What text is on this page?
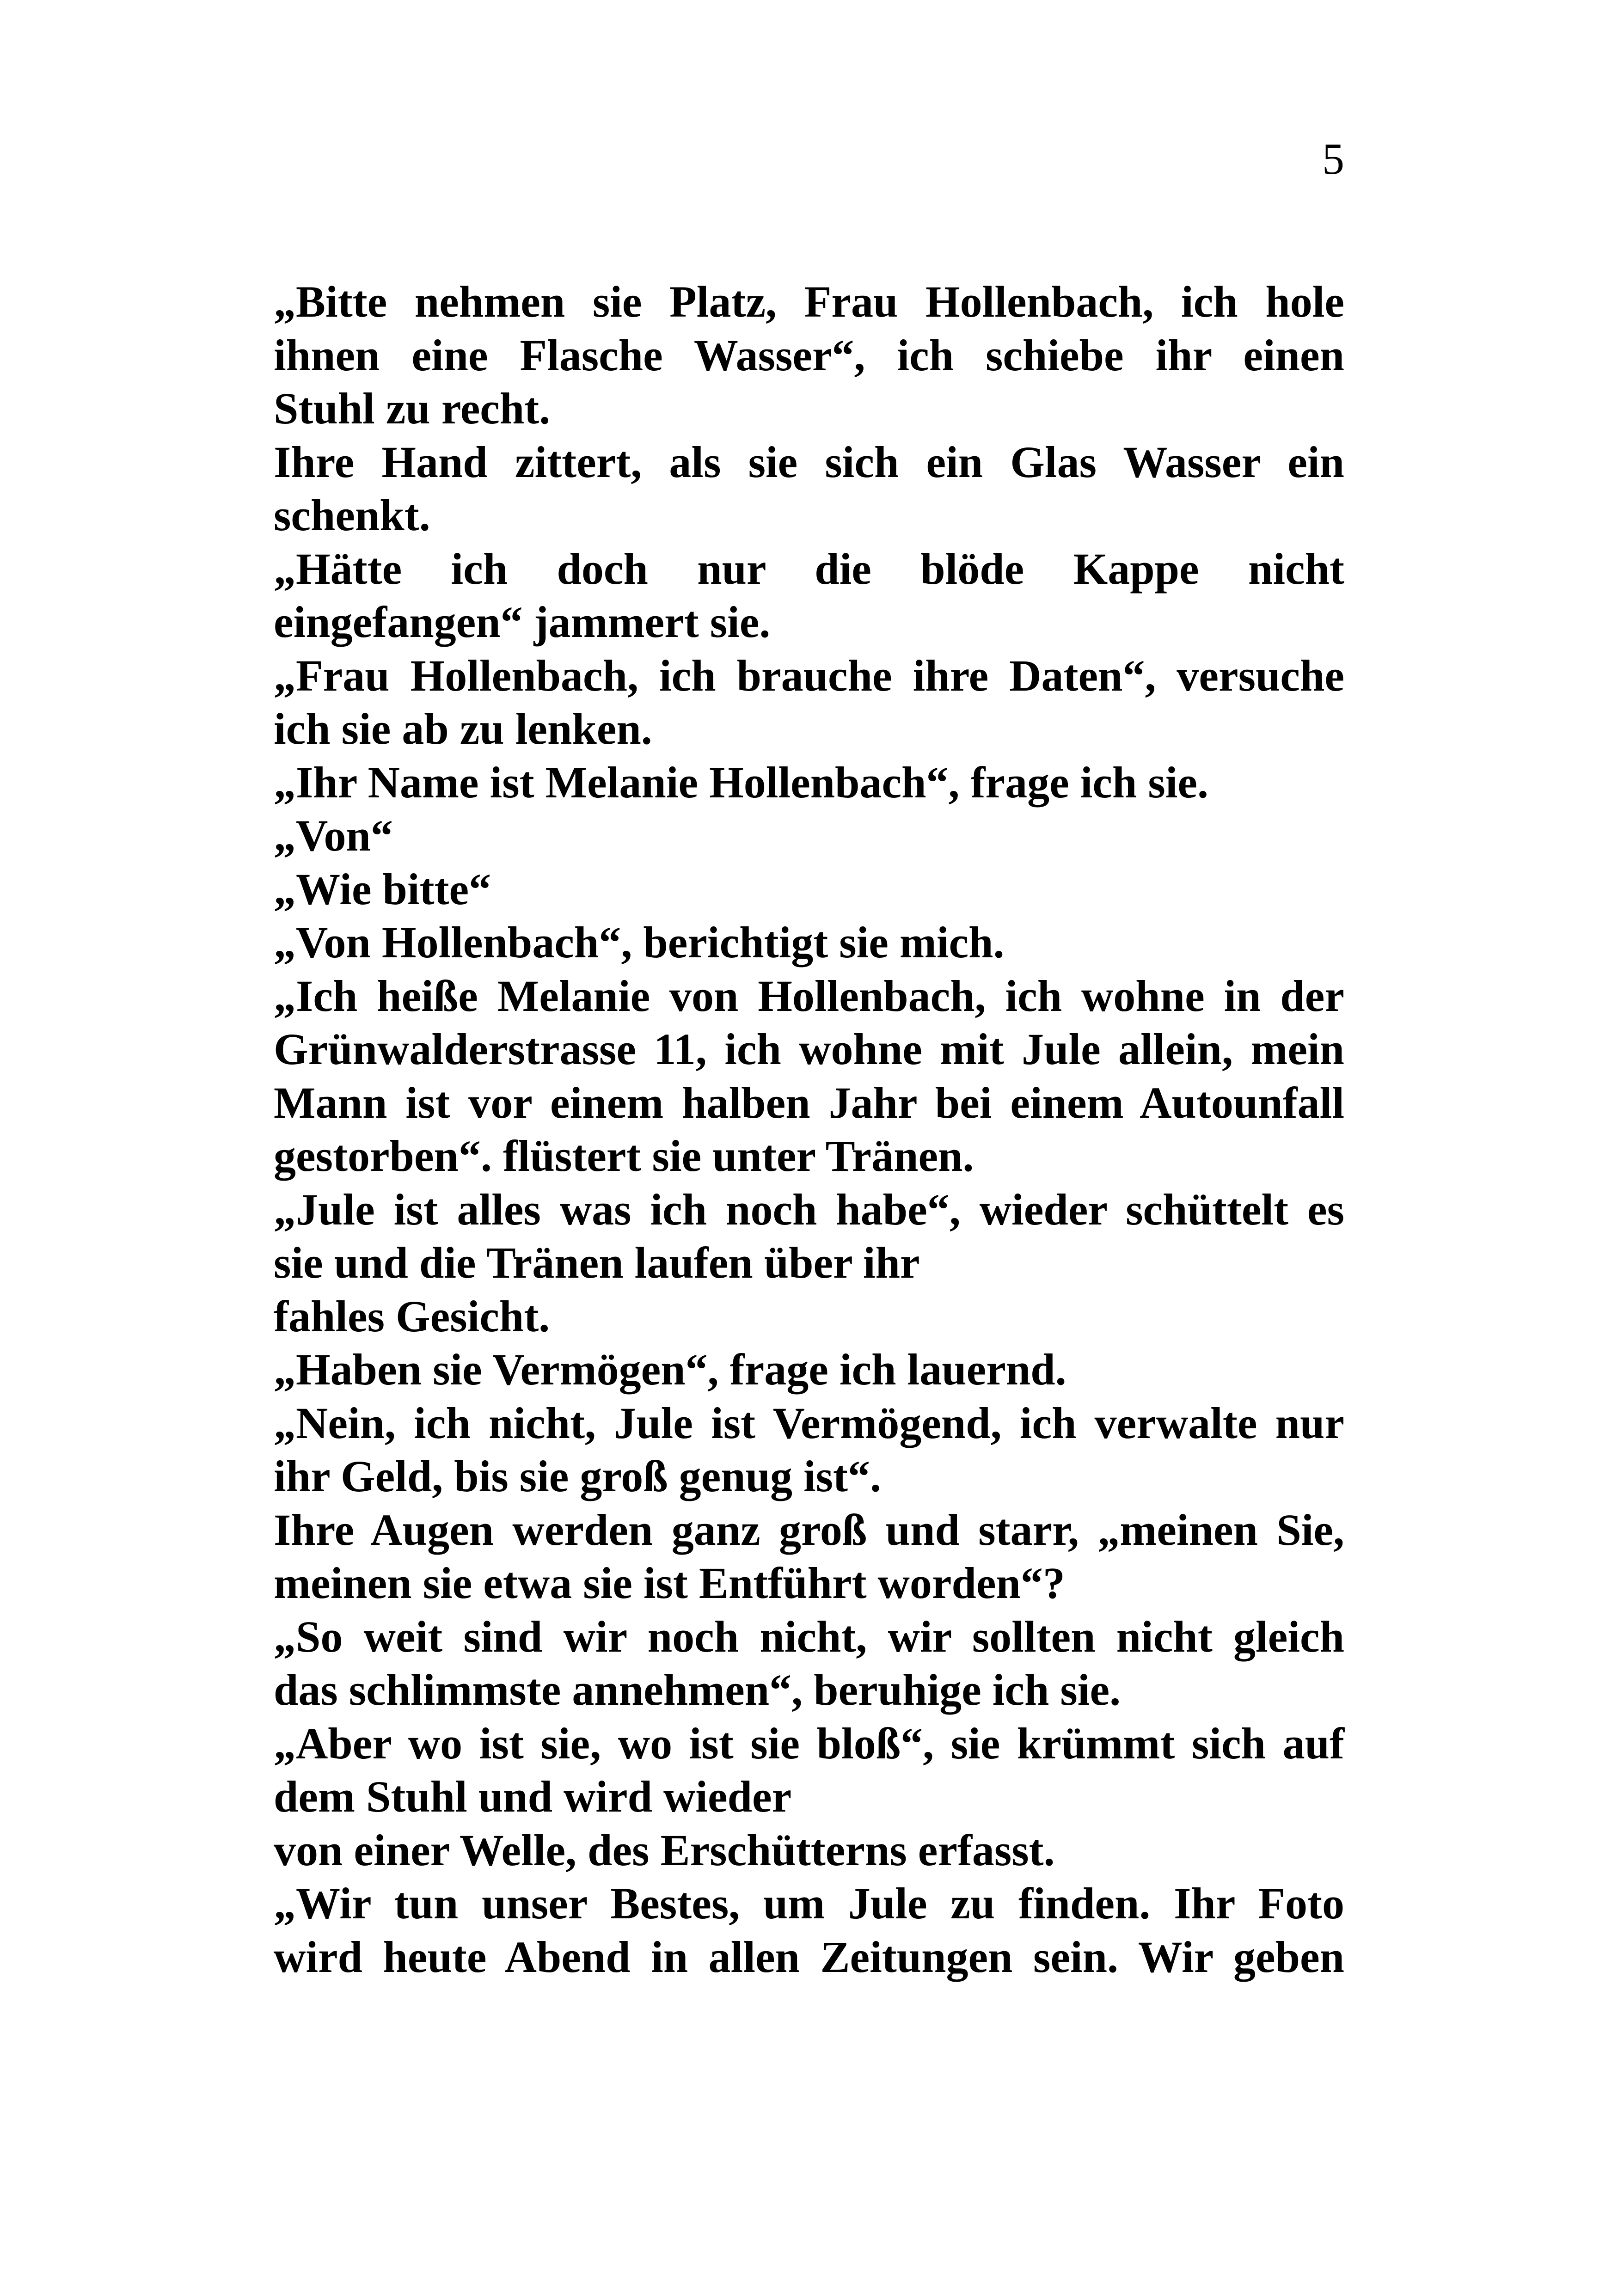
5
„Bitte nehmen sie Platz, Frau Hollenbach, ich hole
ihnen eine Flasche Wasser“, ich schiebe ihr einen
Stuhl zu recht.
Ihre Hand zittert, als sie sich ein Glas Wasser ein
schenkt.
„Hätte ich doch nur die blöde Kappe nicht
eingefangen“ jammert sie.
„Frau Hollenbach, ich brauche ihre Daten“, versuche
ich sie ab zu lenken.
„Ihr Name ist Melanie Hollenbach“, frage ich sie.
„Von“
„Wie bitte“
„Von Hollenbach“, berichtigt sie mich.
„Ich heiße Melanie von Hollenbach, ich wohne in der
Grünwalderstrasse 11, ich wohne mit Jule allein, mein
Mann ist vor einem halben Jahr bei einem Autounfall
gestorben“. flüstert sie unter Tränen.
„Jule ist alles was ich noch habe“, wieder schüttelt es
sie und die Tränen laufen über ihr
fahles Gesicht.
„Haben sie Vermögen“, frage ich lauernd.
„Nein, ich nicht, Jule ist Vermögend, ich verwalte nur
ihr Geld, bis sie groß genug ist“.
Ihre Augen werden ganz groß und starr, „meinen Sie,
meinen sie etwa sie ist Entführt worden“?
„So weit sind wir noch nicht, wir sollten nicht gleich
das schlimmste annehmen“, beruhige ich sie.
„Aber wo ist sie, wo ist sie bloß“, sie krümmt sich auf
dem Stuhl und wird wieder
von einer Welle, des Erschütterns erfasst.
„Wir tun unser Bestes, um Jule zu finden. Ihr Foto
wird heute Abend in allen Zeitungen sein. Wir geben
